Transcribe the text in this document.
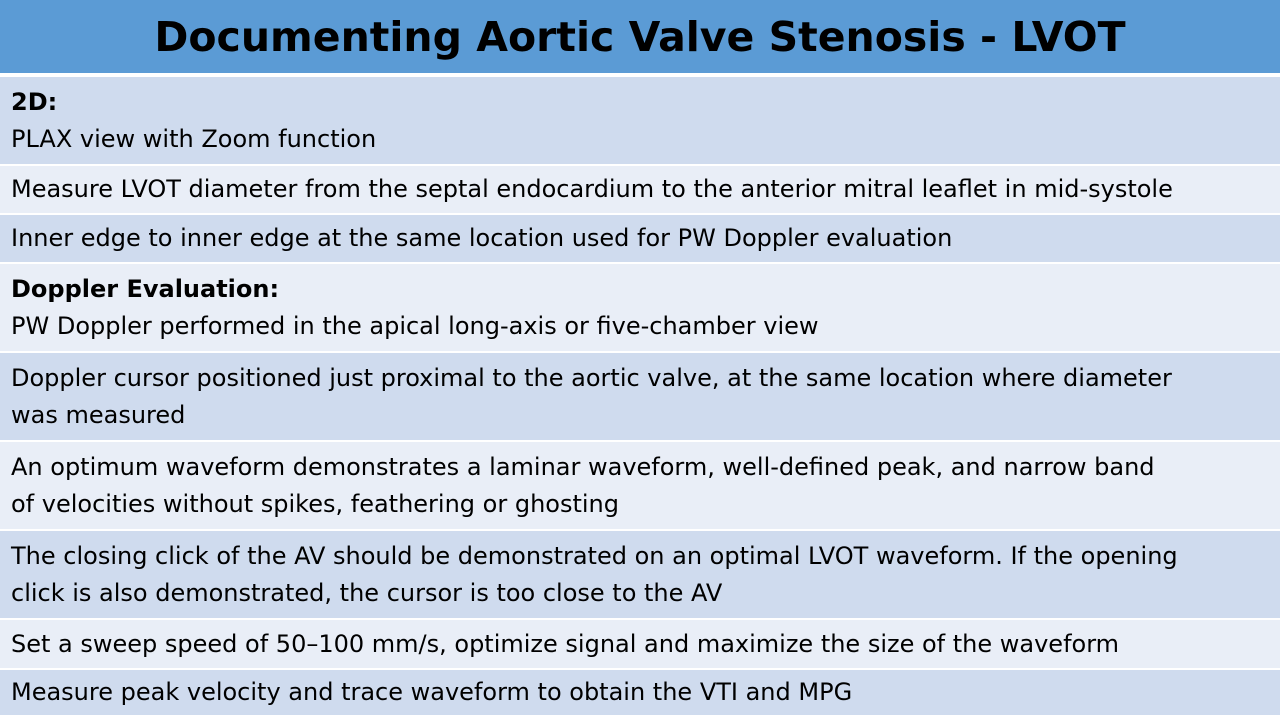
Documenting Aortic Valve Stenosis - LVOT
2D:
PLAX view with Zoom function
Measure LVOT diameter from the septal endocardium to the anterior mitral leaflet in mid-systole
Inner edge to inner edge at the same location used for PW Doppler evaluation
Doppler Evaluation:
PW Doppler performed in the apical long-axis or five-chamber view
Doppler cursor positioned just proximal to the aortic valve, at the same location where diameter
was measured
An optimum waveform demonstrates a laminar waveform, well-defined peak, and narrow band
of velocities without spikes, feathering or ghosting
The closing click of the AV should be demonstrated on an optimal LVOT waveform. If the opening
click is also demonstrated, the cursor is too close to the AV
Set a sweep speed of 50–100 mm/s, optimize signal and maximize the size of the waveform
Measure peak velocity and trace waveform to obtain the VTI and MPG
